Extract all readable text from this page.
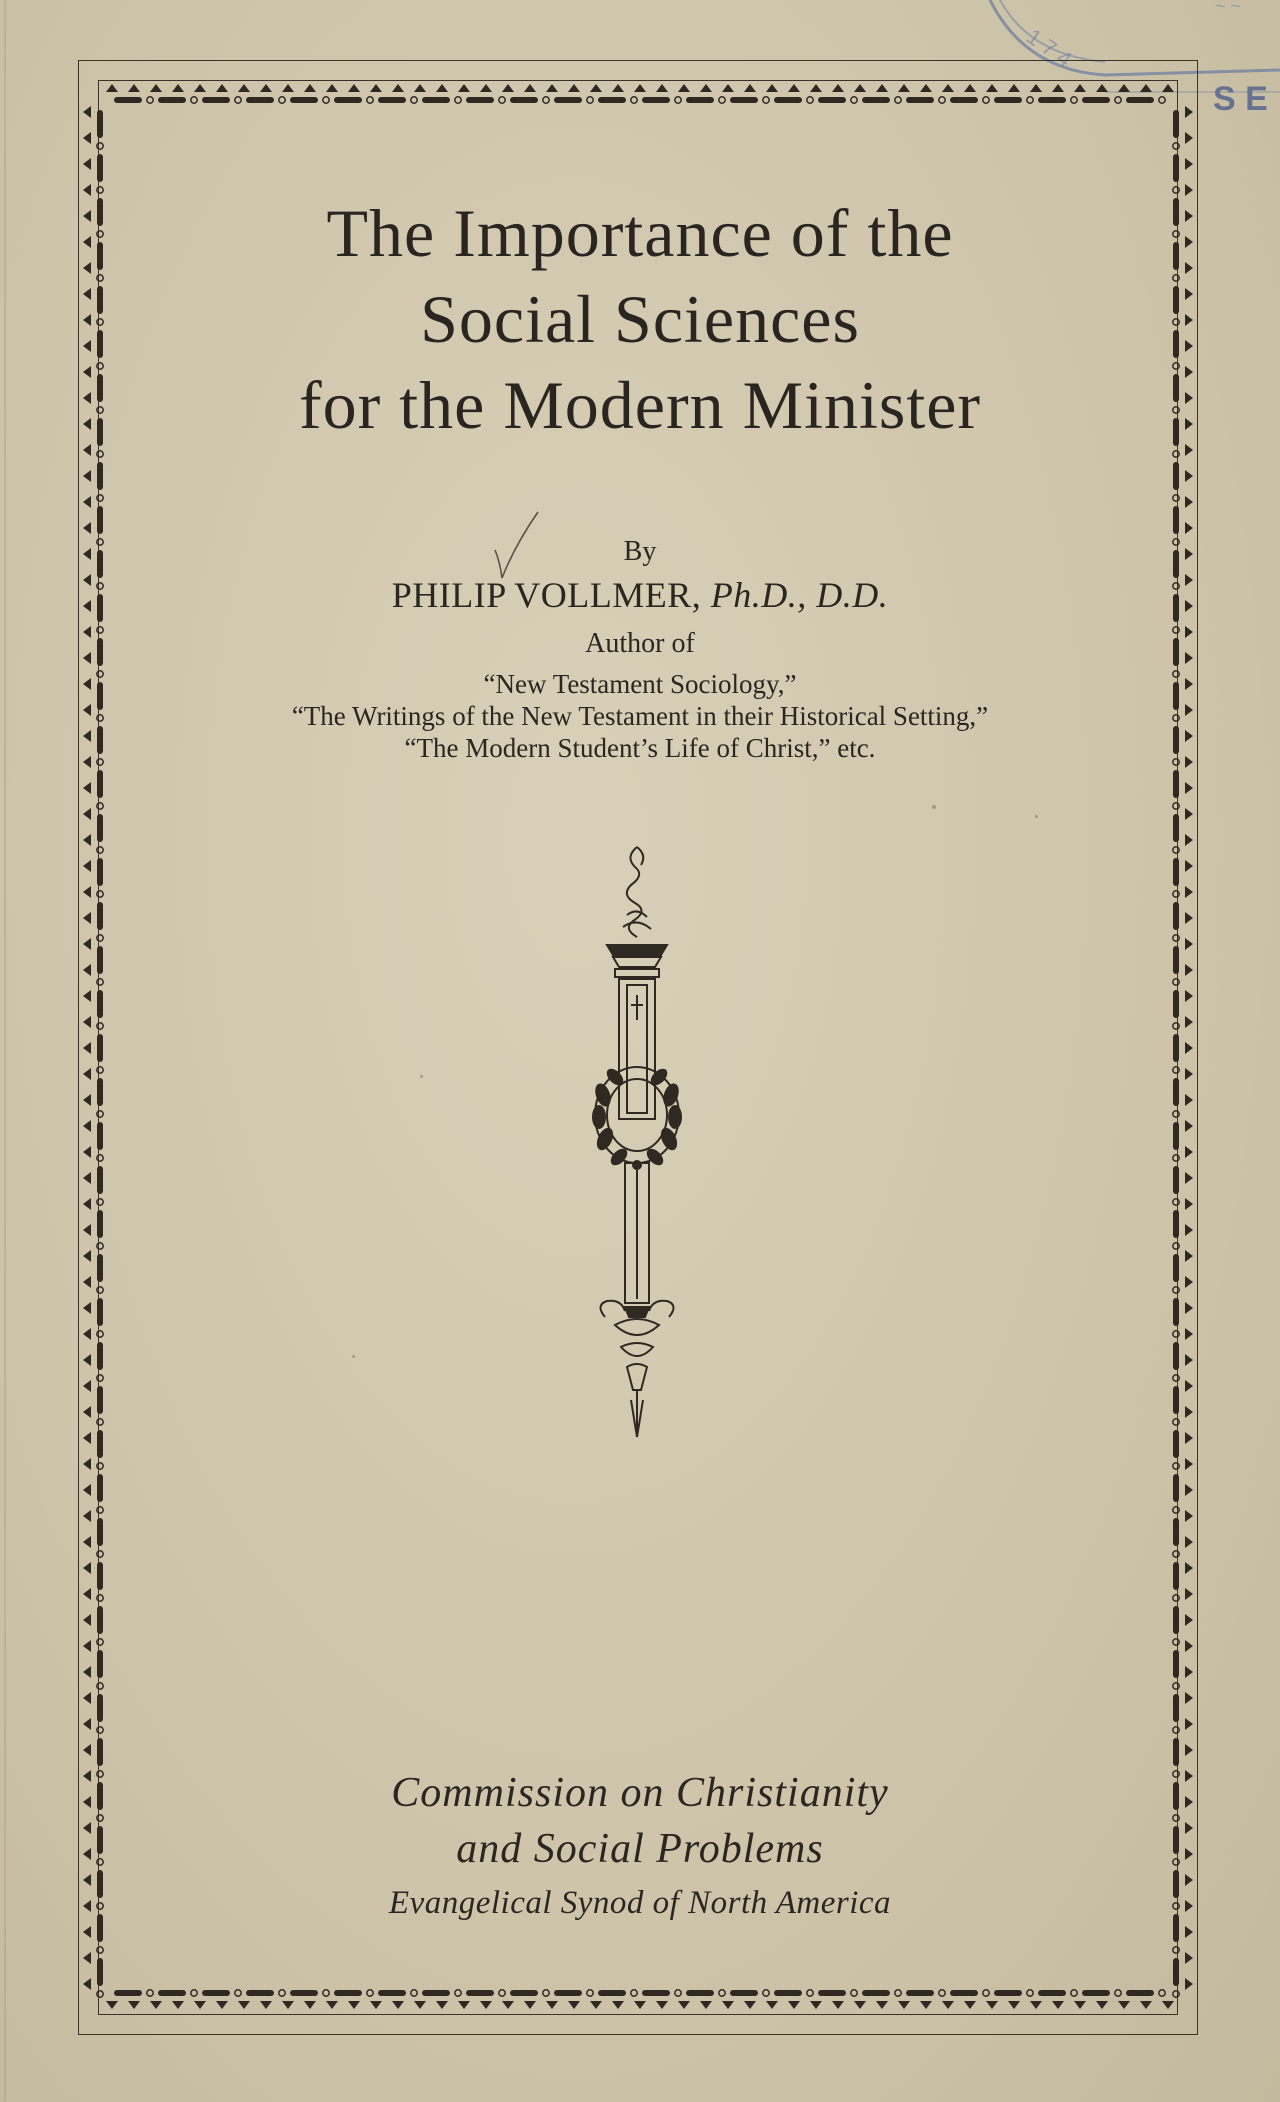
1 7 4
~ ~
S E
The Importance of the
Social Sciences
for the Modern Minister
By
PHILIP VOLLMER, Ph.D., D.D.
Author of
“New Testament Sociology,”
“The Writings of the New Testament in their Historical Setting,”
“The Modern Student’s Life of Christ,” etc.
Commission on Christianity
and Social Problems
Evangelical Synod of North America
